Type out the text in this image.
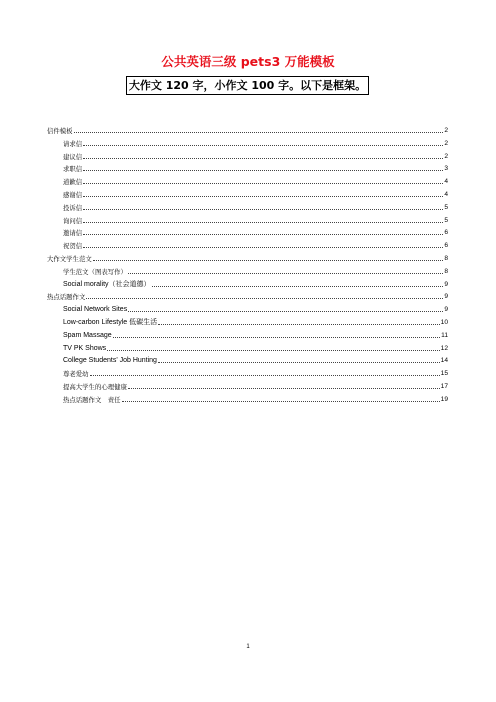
公共英语三级 pets3 万能模板
大作文 120 字，小作文 100 字。以下是框架。
信件模板	2
请求信	2
建议信	2
求职信	3
道歉信	4
感谢信	4
投诉信	5
询问信	5
邀请信	6
祝贺信	6
大作文学生范文	8
学生范文（图表写作）	8
Social morality（社会道德）	9
热点话题作文	9
Social Network Sites	9
Low-carbon Lifestyle 低碳生活	10
Spam Massage	11
TV PK Shows	12
College Students' Job Hunting	14
尊老爱幼	15
提高大学生的心理健康	17
热点话题作文　责任	19
1
